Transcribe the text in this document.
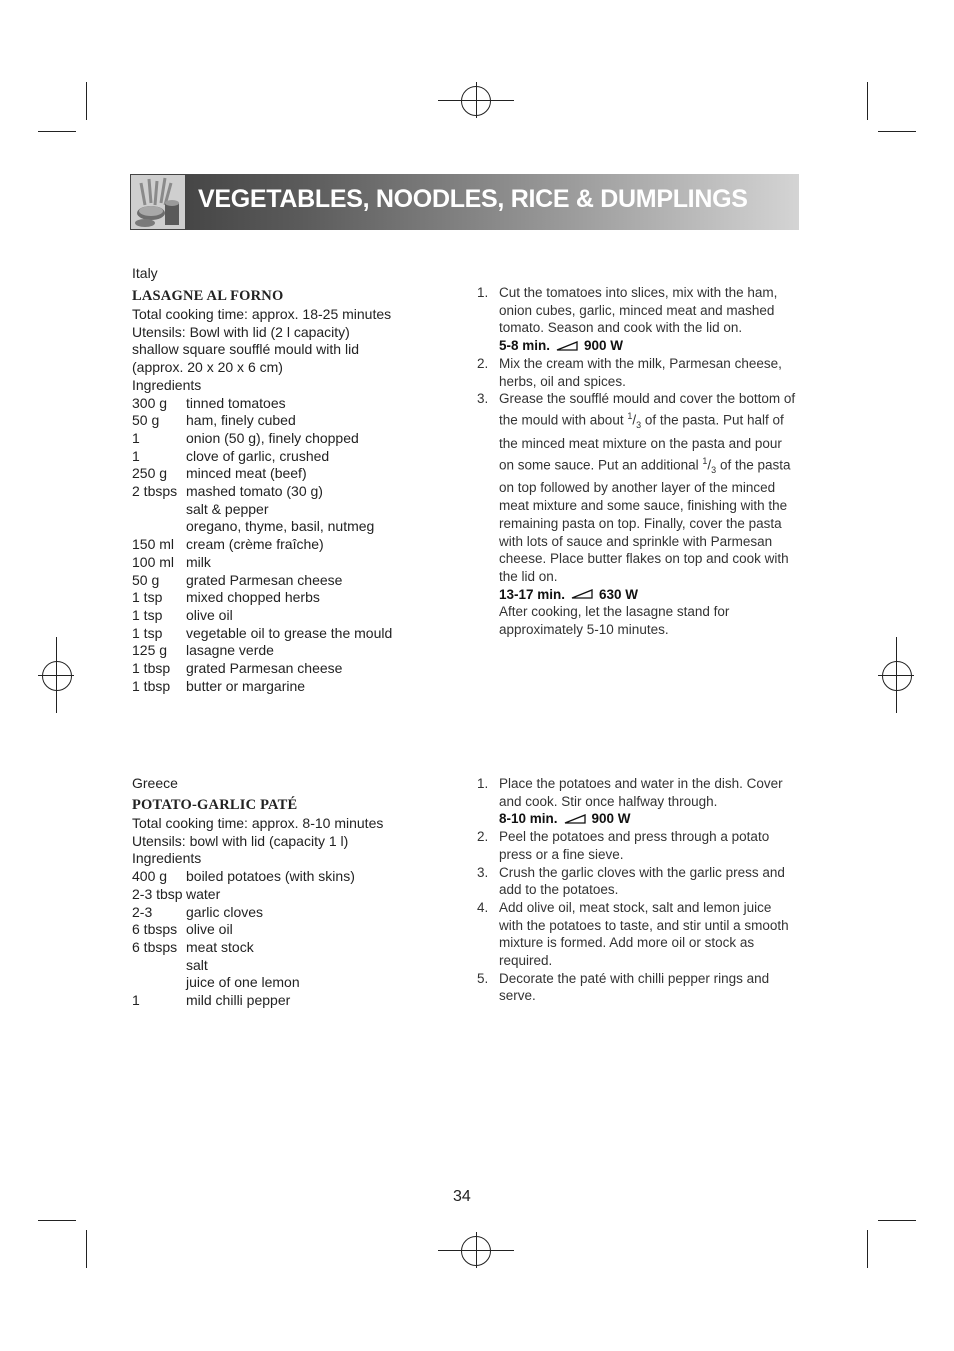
VEGETABLES, NOODLES, RICE & DUMPLINGS
Italy
LASAGNE AL FORNO
Total cooking time: approx. 18-25 minutes
Utensils: Bowl with lid (2 l capacity)
shallow square soufflé mould with lid
(approx. 20 x 20 x 6 cm)
Ingredients
300 g	tinned tomatoes
50 g	ham, finely cubed
1	onion (50 g), finely chopped
1	clove of garlic, crushed
250 g	minced meat (beef)
2 tbsps mashed tomato (30 g)
salt & pepper
oregano, thyme, basil, nutmeg
150 ml cream (crème fraîche)
100 ml milk
50 g	grated Parmesan cheese
1 tsp	mixed chopped herbs
1 tsp	olive oil
1 tsp	vegetable oil to grease the mould
125 g	lasagne verde
1 tbsp	grated Parmesan cheese
1 tbsp	butter or margarine
1. Cut the tomatoes into slices, mix with the ham, onion cubes, garlic, minced meat and mashed tomato. Season and cook with the lid on.
5-8 min.	900 W
2. Mix the cream with the milk, Parmesan cheese, herbs, oil and spices.
3. Grease the soufflé mould and cover the bottom of the mould with about $^1/_3$ of the pasta. Put half of the minced meat mixture on the pasta and pour on some sauce. Put an additional $^1/_3$ of the pasta on top followed by another layer of the minced meat mixture and some sauce, finishing with the remaining pasta on top. Finally, cover the pasta with lots of sauce and sprinkle with Parmesan cheese. Place butter flakes on top and cook with the lid on.
13-17 min.	630 W
After cooking, let the lasagne stand for approximately 5-10 minutes.
Greece
POTATO-GARLIC PATÉ
Total cooking time: approx. 8-10 minutes
Utensils: bowl with lid (capacity 1 l)
Ingredients
400 g	boiled potatoes (with skins)
2-3 tbsp water
2-3	garlic cloves
6 tbsps olive oil
6 tbsps meat stock
salt
juice of one lemon
1	mild chilli pepper
1. Place the potatoes and water in the dish. Cover and cook. Stir once halfway through.
8-10 min.	900 W
2. Peel the potatoes and press through a potato press or a fine sieve.
3. Crush the garlic cloves with the garlic press and add to the potatoes.
4. Add olive oil, meat stock, salt and lemon juice with the potatoes to taste, and stir until a smooth mixture is formed. Add more oil or stock as required.
5. Decorate the paté with chilli pepper rings and serve.
34
